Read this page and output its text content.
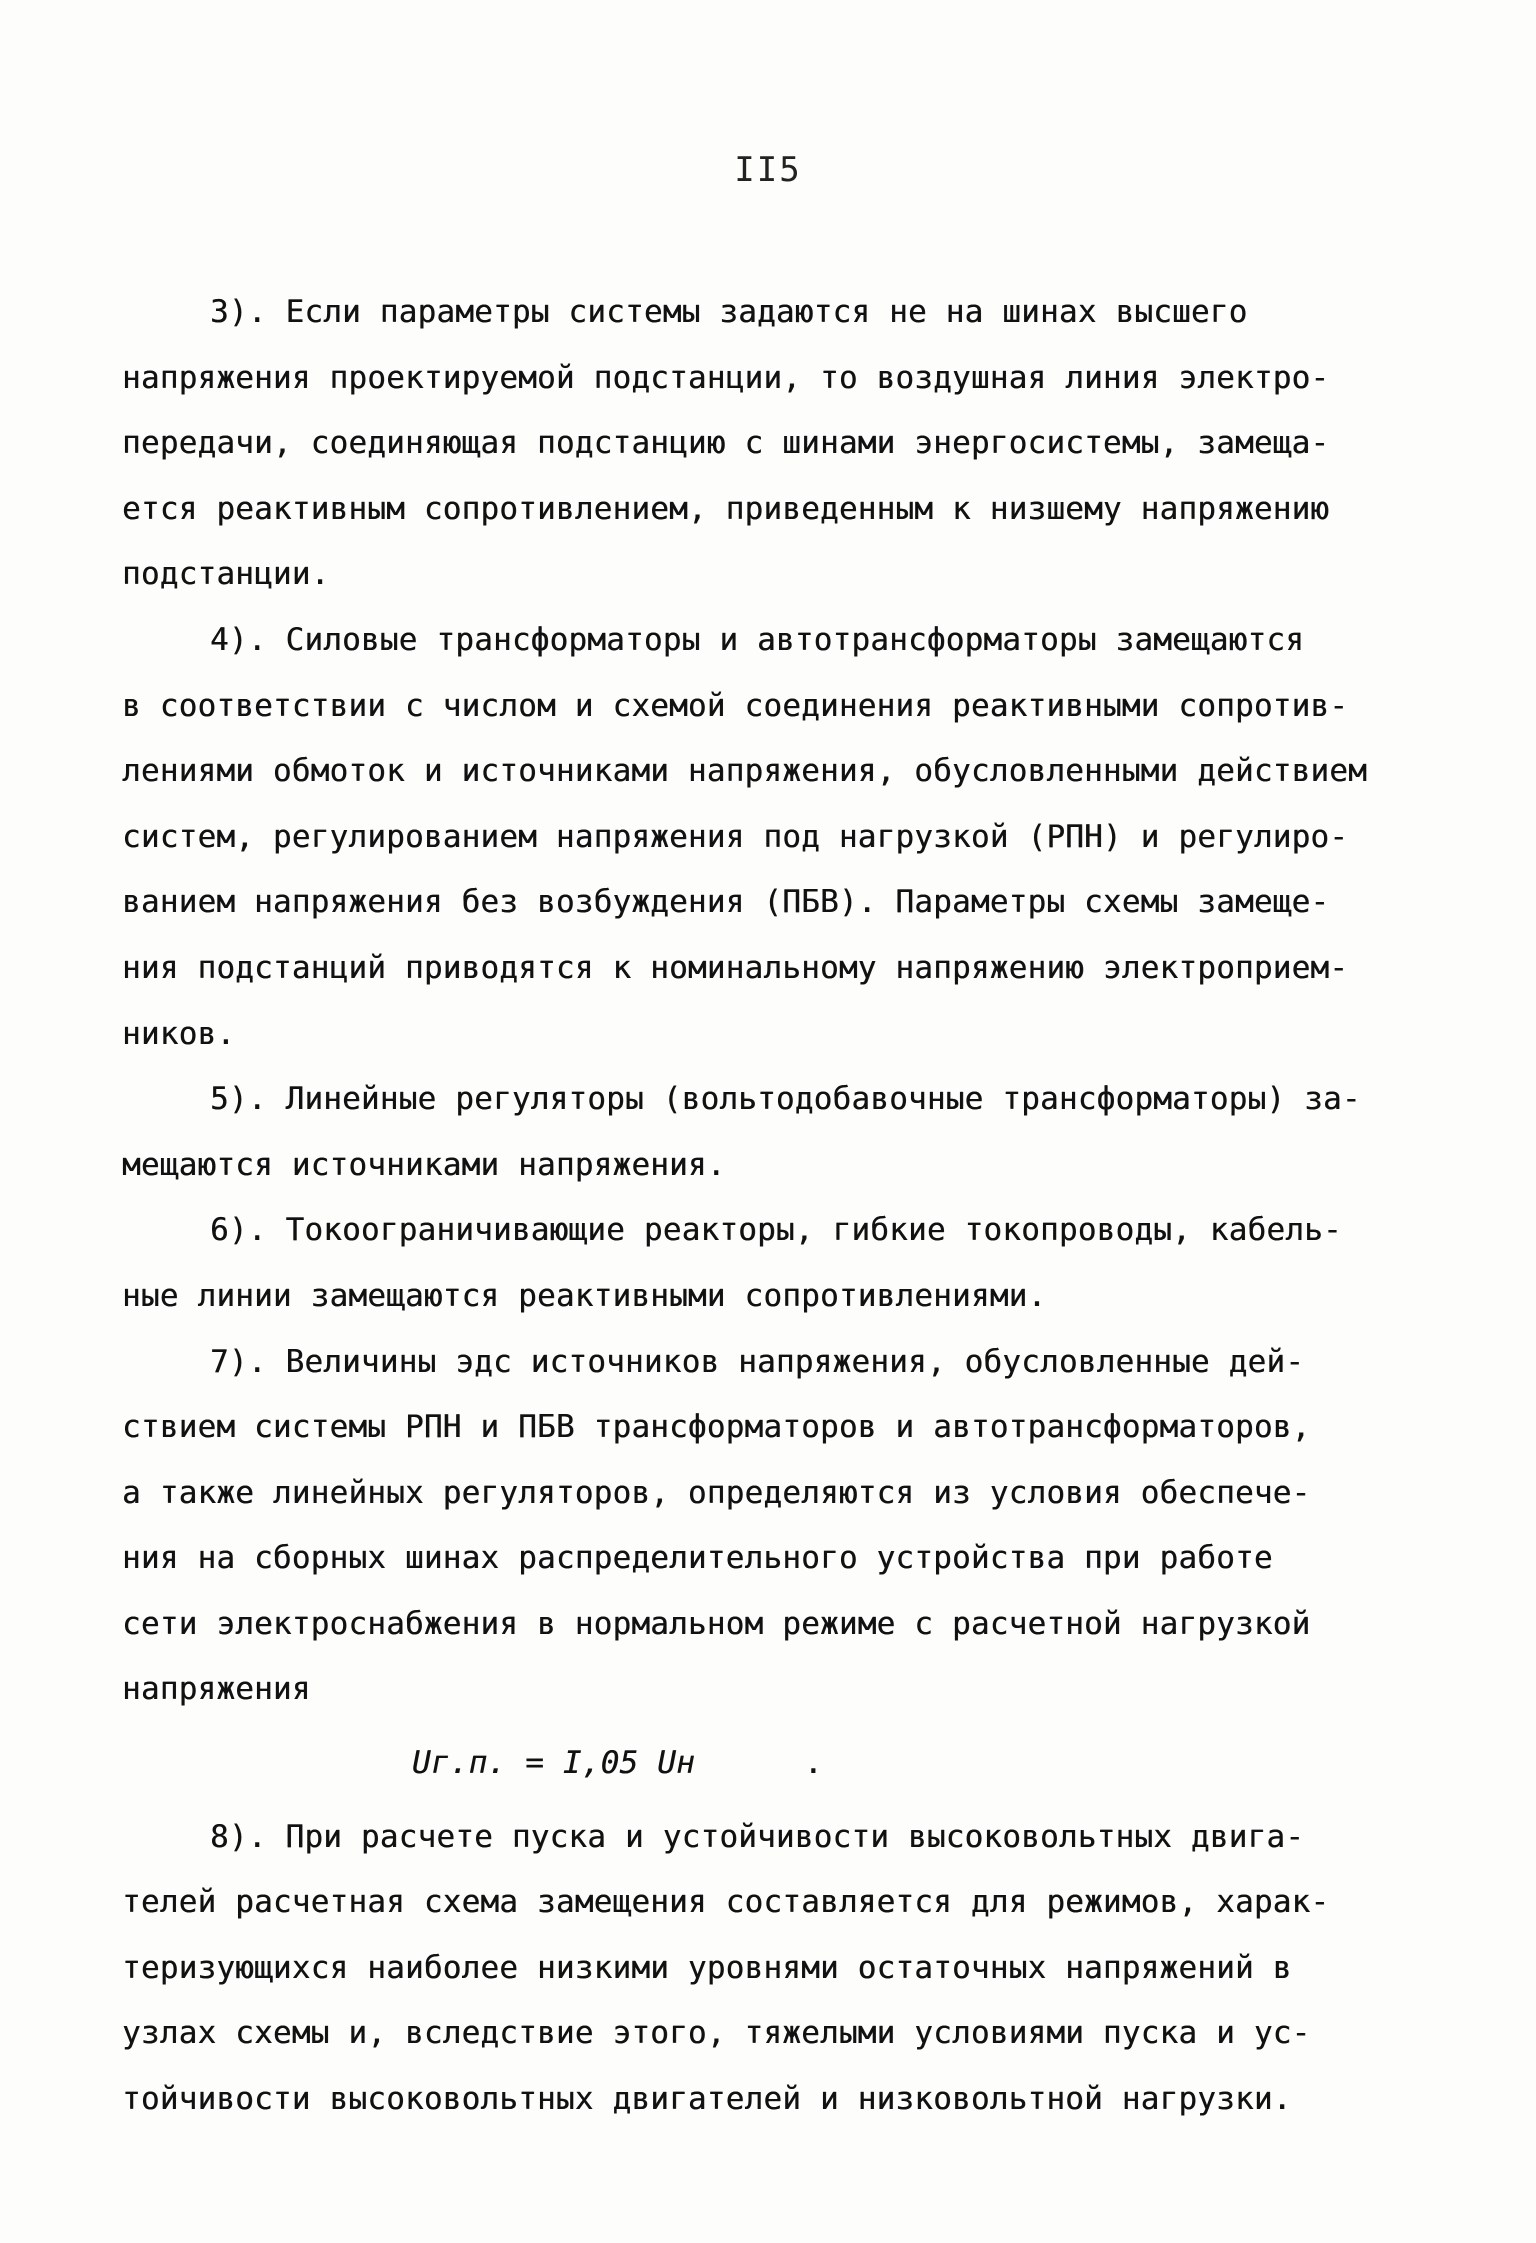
II5
3). Если параметры системы задаются не на шинах высшего
напряжения проектируемой подстанции, то воздушная линия электро-
передачи, соединяющая подстанцию с шинами энергосистемы, замеща-
ется реактивным сопротивлением, приведенным к низшему напряжению
подстанции.
4). Силовые трансформаторы и автотрансформаторы замещаются
в соответствии с числом и схемой соединения реактивными сопротив-
лениями обмоток и источниками напряжения, обусловленными действием
систем, регулированием напряжения под нагрузкой (РПН) и регулиро-
ванием напряжения без возбуждения (ПБВ). Параметры схемы замеще-
ния подстанций приводятся к номинальному напряжению электроприем-
ников.
5). Линейные регуляторы (вольтодобавочные трансформаторы) за-
мещаются источниками напряжения.
6). Токоограничивающие реакторы, гибкие токопроводы, кабель-
ные линии замещаются реактивными сопротивлениями.
7). Величины эдс источников напряжения, обусловленные дей-
ствием системы РПН и ПБВ трансформаторов и автотрансформаторов,
а также линейных регуляторов, определяются из условия обеспече-
ния на сборных шинах распределительного устройства при работе
сети электроснабжения в нормальном режиме с расчетной нагрузкой
напряжения
Uг.п. = I,05 Uн	.
8). При расчете пуска и устойчивости высоковольтных двига-
телей расчетная схема замещения составляется для режимов, харак-
теризующихся наиболее низкими уровнями остаточных напряжений в
узлах схемы и, вследствие этого, тяжелыми условиями пуска и ус-
тойчивости высоковольтных двигателей и низковольтной нагрузки.
